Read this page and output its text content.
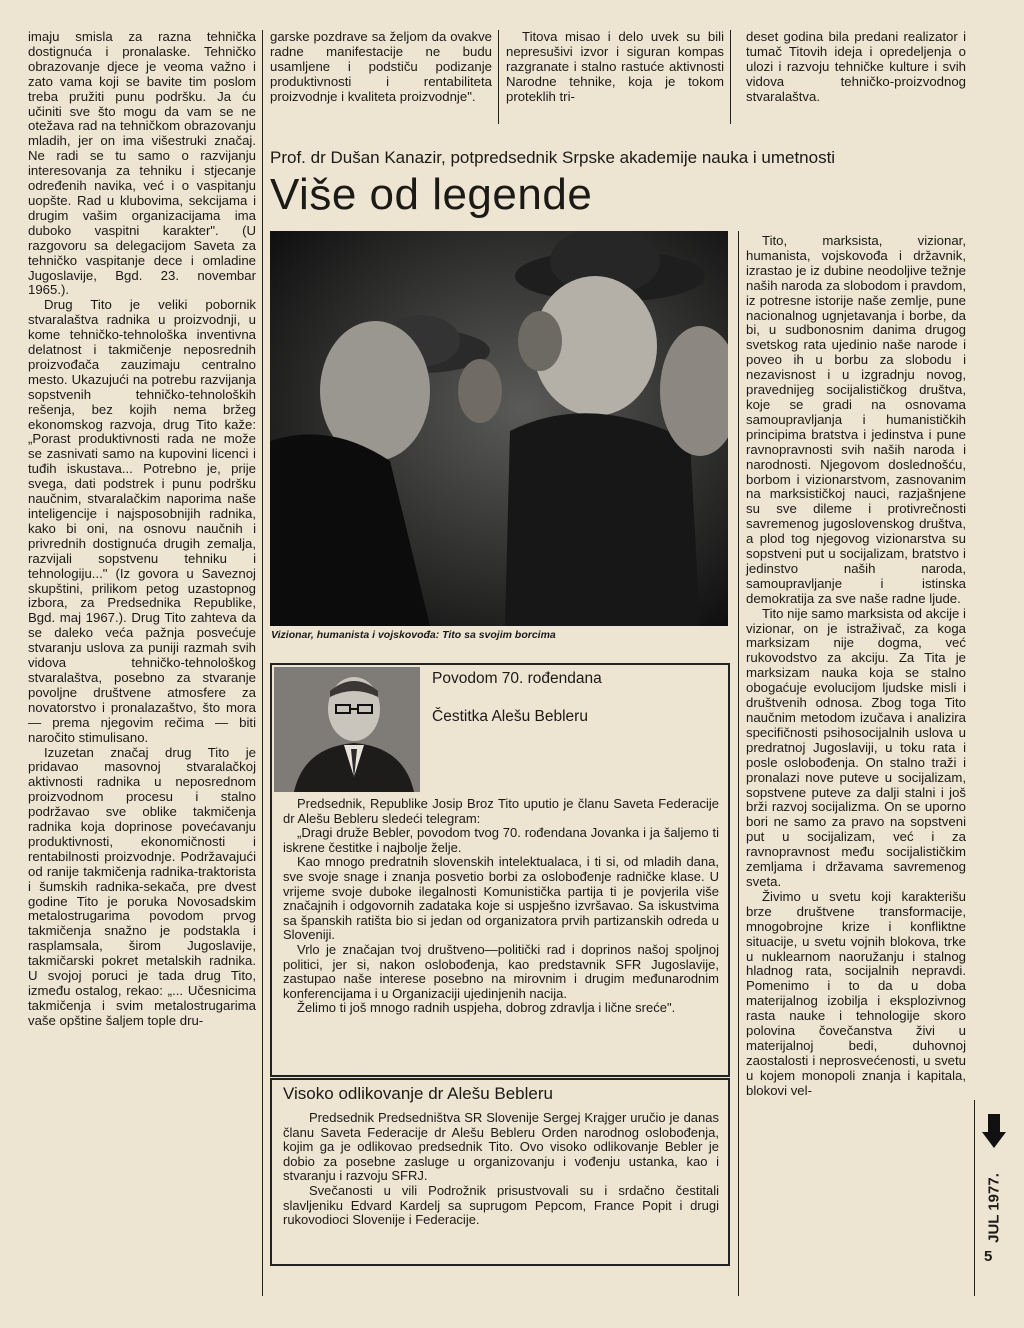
imaju smisla za razna tehnička dostignuća i pronalaske. Tehničko obrazovanje djece je veoma važno i zato vama koji se bavite tim poslom treba pružiti punu podršku. Ja ću učiniti sve što mogu da vam se ne otežava rad na tehničkom obrazovanju mladih, jer on ima višestruki značaj. Ne radi se tu samo o razvijanju interesovanja za tehniku i stjecanje određenih navika, već i o vaspitanju uopšte. Rad u klubovima, sekcijama i drugim vašim organizacijama ima duboko vaspitni karakter". (U razgovoru sa delegacijom Saveta za tehničko vaspitanje dece i omladine Jugoslavije, Bgd. 23. novembar 1965.).

Drug Tito je veliki pobornik stvaralaštva radnika u proizvodnji, u kome tehničko-tehnološka inventivna delatnost i takmičenje neposrednih proizvođača zauzimaju centralno mesto. Ukazujući na potrebu razvijanja sopstvenih tehničko-tehnoloških rešenja, bez kojih nema bržeg ekonomskog razvoja, drug Tito kaže: „Porast produktivnosti rada ne može se zasnivati samo na kupovini licenci i tuđih iskustava... Potrebno je, prije svega, dati podstrek i punu podršku naučnim, stvaralačkim naporima naše inteligencije i najsposobnijih radnika, kako bi oni, na osnovu naučnih i privrednih dostignuća drugih zemalja, razvijali sopstvenu tehniku i tehnologiju..." (Iz govora u Saveznoj skupštini, prilikom petog uzastopnog izbora, za Predsednika Republike, Bgd. maj 1967.). Drug Tito zahteva da se daleko veća pažnja posvećuje stvaranju uslova za puniji razmah svih vidova tehničko-tehnološkog stvaralaštva, posebno za stvaranje povoljne društvene atmosfere za novatorstvo i pronalazaštvo, što mora — prema njegovim rečima — biti naročito stimulisano.

Izuzetan značaj drug Tito je pridavao masovnoj stvaralačkoj aktivnosti radnika u neposrednom proizvodnom procesu i stalno podržavao sve oblike takmičenja radnika koja doprinose povećavanju produktivnosti, ekonomičnosti i rentabilnosti proizvodnje. Podržavajući od ranije takmičenja radnika-traktorista i šumskih radnika-sekača, pre dvest godine Tito je poruka Novosadskim metalostrugarima povodom prvog takmičenja snažno je podstakla i rasplamsala, širom Jugoslavije, takmičarski pokret metalskih radnika. U svojoj poruci je tada drug Tito, između ostalog, rekao: „... Učesnicima takmičenja i svim metalostrugarima vaše opštine šaljem tople dru-

garske pozdrave sa željom da ovakve radne manifestacije ne budu usamljene i podstiču podizanje produktivnosti i rentabiliteta proizvodnje i kvaliteta proizvodnje".

Titova misao i delo uvek su bili nepresušivi izvor i siguran kompas razgranate i stalno rastuće aktivnosti Narodne tehnike, koja je tokom proteklih tri-

deset godina bila predani realizator i tumač Titovih ideja i opredeljenja o ulozi i razvoju tehničke kulture i svih vidova tehničko-proizvodnog stvaralaštva.

Prof. dr Dušan Kanazir, potpredsednik Srpske akademije nauka i umetnosti
Više od legende
Vizionar, humanista i vojskovođa: Tito sa svojim borcima

Tito, marksista, vizionar, humanista, vojskovođa i državnik, izrastao je iz dubine neodoljive težnje naših naroda za slobodom i pravdom, iz potresne istorije naše zemlje, pune nacionalnog ugnjetavanja i borbe, da bi, u sudbonosnim danima drugog svetskog rata ujedinio naše narode i poveo ih u borbu za slobodu i nezavisnost i u izgradnju novog, pravednijeg socijalističkog društva, koje se gradi na osnovama samoupravljanja i humanističkih principima bratstva i jedinstva i pune ravnopravnosti svih naših naroda i narodnosti. Njegovom doslednošću, borbom i vizionarstvom, zasnovanim na marksističkoj nauci, razjašnjene su sve dileme i protivrečnosti savremenog jugoslovenskog društva, a plod tog njegovog vizionarstva su sopstveni put u socijalizam, bratstvo i jedinstvo naših naroda, samoupravljanje i istinska demokratija za sve naše radne ljude.

Tito nije samo marksista od akcije i vizionar, on je istraživač, za koga marksizam nije dogma, već rukovodstvo za akciju. Za Tita je marksizam nauka koja se stalno obogaćuje evolucijom ljudske misli i društvenih odnosa. Zbog toga Tito naučnim metodom izučava i analizira specifičnosti psihosocijalnih uslova u predratnoj Jugoslaviji, u toku rata i posle oslobođenja. On stalno traži i pronalazi nove puteve u socijalizam, sopstvene puteve za dalji stalni i još brži razvoj socijalizma. On se uporno bori ne samo za pravo na sopstveni put u socijalizam, već i za ravnopravnost među socijalističkim zemljama i državama savremenog sveta.

Živimo u svetu koji karakterišu brze društvene transformacije, mnogobrojne krize i konfliktne situacije, u svetu vojnih blokova, trke u nuklearnom naoružanju i stalnog hladnog rata, socijalnih nepravdi. Pomenimo i to da u doba materijalnog izobilja i eksplozivnog rasta nauke i tehnologije skoro polovina čovečanstva živi u materijalnoj bedi, duhovnoj zaostalosti i neprosvećenosti, u svetu u kojem monopoli znanja i kapitala, blokovi vel-

Povodom 70. rođendana
Čestitka Alešu Bebleru

Predsednik, Republike Josip Broz Tito uputio je članu Saveta Federacije dr Alešu Bebleru sledeći telegram:

„Dragi druže Bebler, povodom tvog 70. rođendana Jovanka i ja šaljemo ti iskrene čestitke i najbolje želje.

Kao mnogo predratnih slovenskih intelektualaca, i ti si, od mladih dana, sve svoje snage i znanja posvetio borbi za oslobođenje radničke klase. U vrijeme svoje duboke ilegalnosti Komunistička partija ti je povjerila više značajnih i odgovornih zadataka koje si uspješno izvršavao. Sa iskustvima sa španskih ratišta bio si jedan od organizatora prvih partizanskih odreda u Sloveniji.

Vrlo je značajan tvoj društveno—politički rad i doprinos našoj spoljnoj politici, jer si, nakon oslobođenja, kao predstavnik SFR Jugoslavije, zastupao naše interese posebno na mirovnim i drugim međunarodnim konferencijama i u Organizaciji ujedinjenih nacija.

Želimo ti još mnogo radnih uspjeha, dobrog zdravlja i lične sreće".

Visoko odlikovanje dr Alešu Bebleru

Predsednik Predsedništva SR Slovenije Sergej Krajger uručio je danas članu Saveta Federacije dr Alešu Bebleru Orden narodnog oslobođenja, kojim ga je odlikovao predsednik Tito. Ovo visoko odlikovanje Bebler je dobio za posebne zasluge u organizovanju i vođenju ustanka, kao i stvaranju i razvoju SFRJ.

Svečanosti u vili Podrožnik prisustvovali su i srdačno čestitali slavljeniku Edvard Kardelj sa suprugom Pepcom, France Popit i drugi rukovodioci Slovenije i Federacije.	JUL 1977.
5
